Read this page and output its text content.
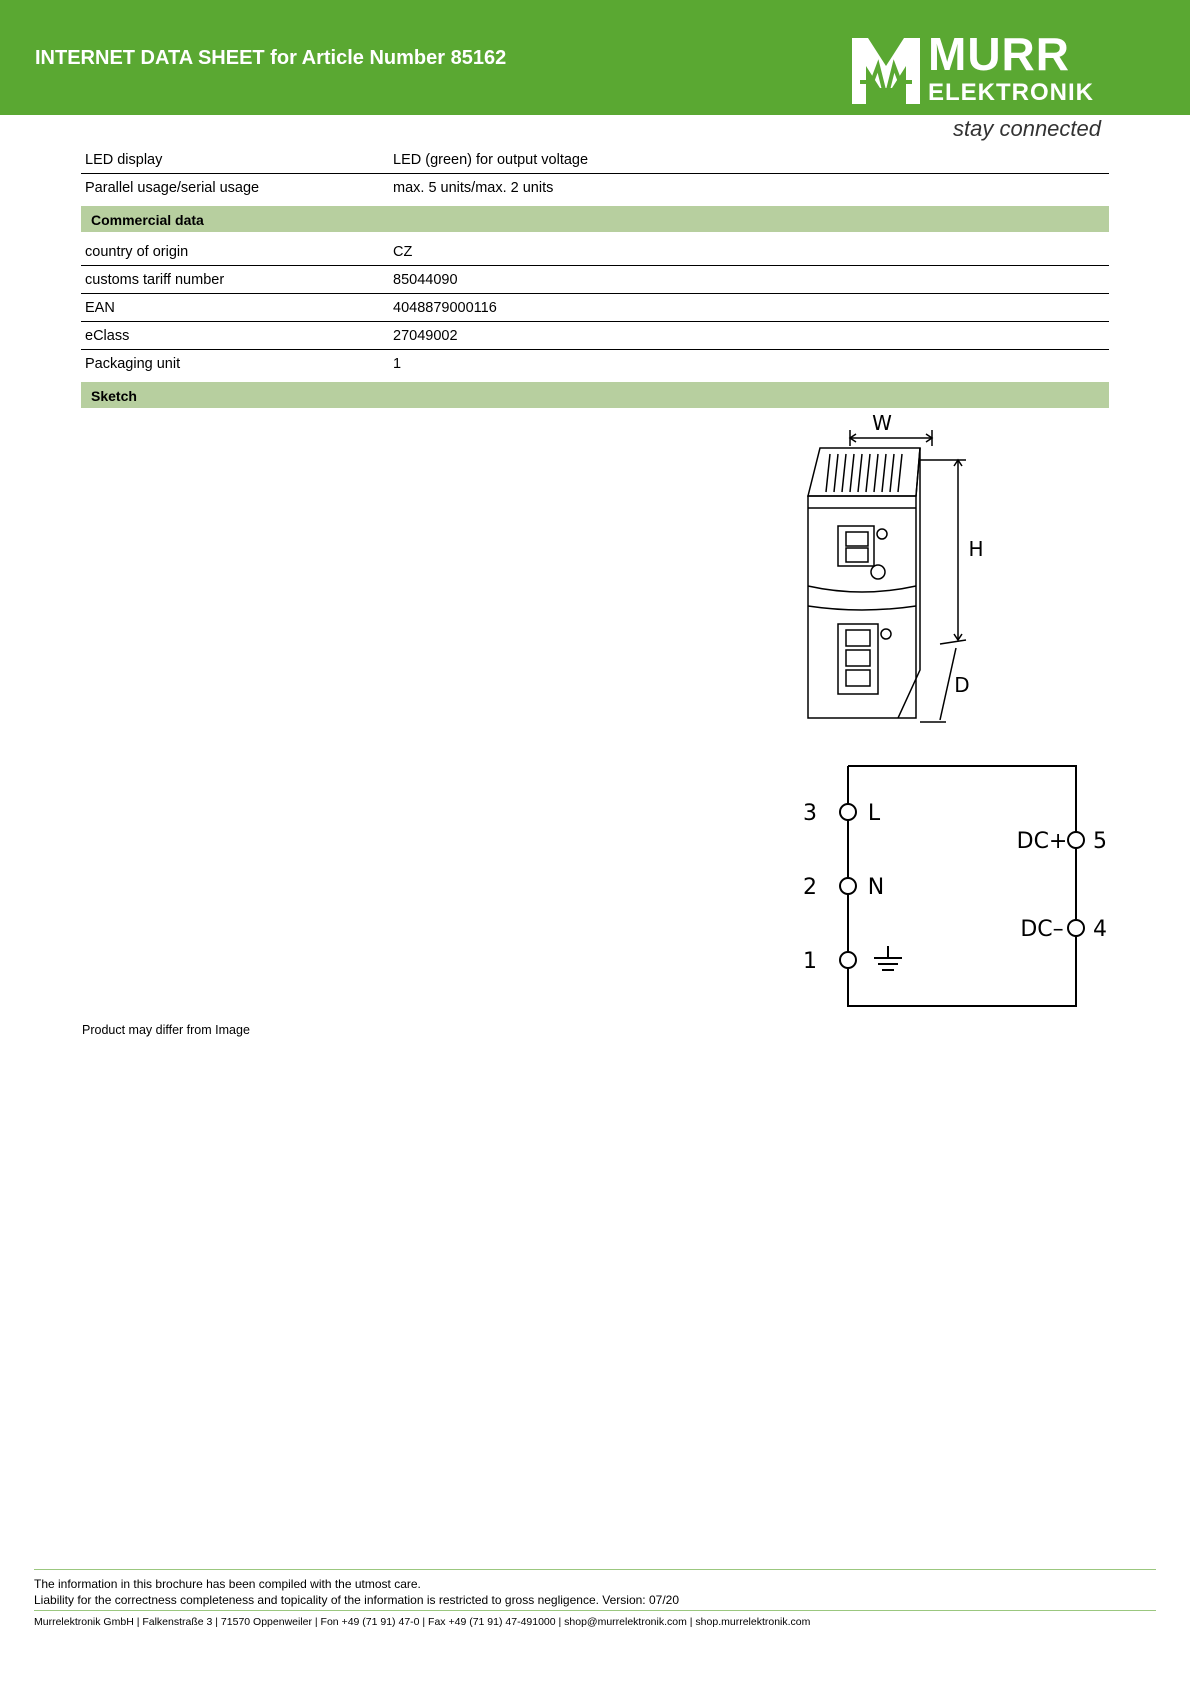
INTERNET DATA SHEET for Article Number 85162	MURR
ELEKTRONIK
stay connected
LED display	LED (green) for output voltage
Parallel usage/serial usage	max. 5 units/max. 2 units
Commercial data
country of origin	CZ
customs tariff number	85044090
EAN	4048879000116
eClass	27049002
Packaging unit	1
Sketch
W
H
D
3 L
2 N
1
DC+ 5
DC– 4
Product may differ from Image
The information in this brochure has been compiled with the utmost care.
Liability for the correctness completeness and topicality of the information is restricted to gross negligence. Version: 07/20
Murrelektronik GmbH | Falkenstraße 3 | 71570 Oppenweiler | Fon +49 (71 91) 47-0 | Fax +49 (71 91) 47-491000 | shop@murrelektronik.com | shop.murrelektronik.com
